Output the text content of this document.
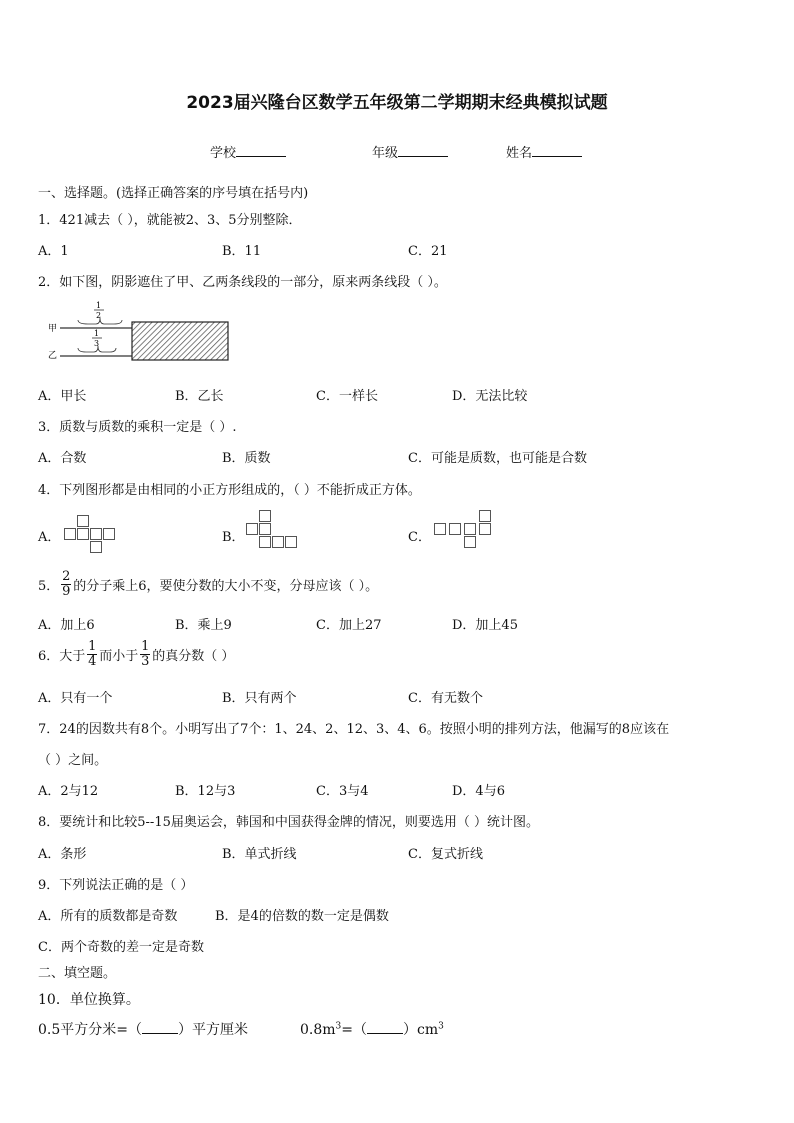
2023届兴隆台区数学五年级第二学期期末经典模拟试题
学校	年级	姓名
一、选择题。(选择正确答案的序号填在括号内)
1．421减去（ ），就能被2、3、5分别整除．
A．1	B．11	C．21
2．如下图，阴影遮住了甲、乙两条线段的一部分，原来两条线段（ ）。
甲
乙
1
2
1
3
A．甲长	B．乙长	C．一样长	D．无法比较
3．质数与质数的乘积一定是（ ）.
A．合数	B．质数	C．可能是质数，也可能是合数
4．下列图形都是由相同的小正方形组成的，（ ）不能折成正方体。
A．	B．	C．
5． $\frac{2}{9}$ 的分子乘上6，要使分数的大小不变，分母应该（ ）。
A．加上6	B．乘上9	C．加上27	D．加上45
6．大于 $\frac{1}{4}$ 而小于 $\frac{1}{3}$ 的真分数（ ）
A．只有一个	B．只有两个	C．有无数个
7．24的因数共有8个。小明写出了7个：1、24、2、12、3、4、6。按照小明的排列方法，他漏写的8应该在
（ ）之间。
A．2与12	B．12与3	C．3与4	D．4与6
8．要统计和比较5--15届奥运会，韩国和中国获得金牌的情况，则要选用（ ）统计图。
A．条形	B．单式折线	C．复式折线
9．下列说法正确的是（ ）
A．所有的质数都是奇数	B．是4的倍数的数一定是偶数
C．两个奇数的差一定是奇数
二、填空题。
10．单位换算。
0.5平方分米=（	）平方厘米	$0.8m^3=$（	）$cm^3$
